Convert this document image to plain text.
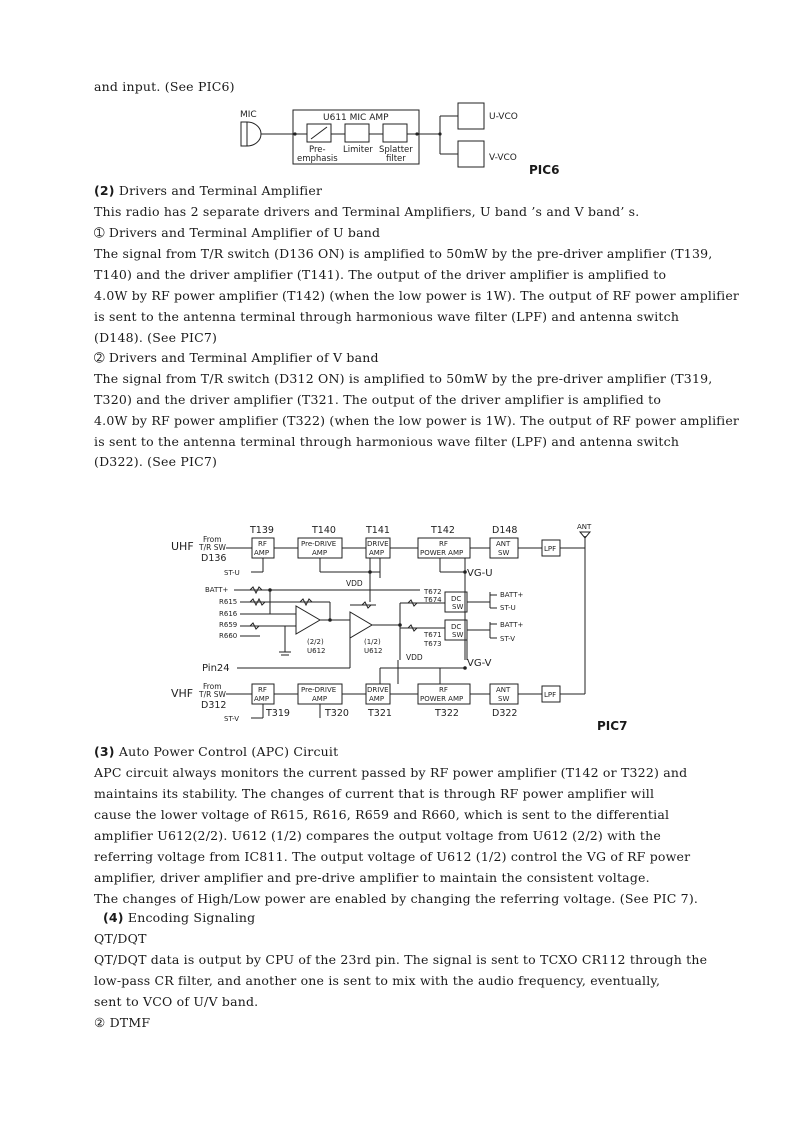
and input. (See PIC6)
MIC	U611 MIC AMP
Pre-
emphasis
Limiter Splatter
filter
U-VCO
V-VCO
PIC6
(2) Drivers and Terminal Amplifier
This radio has 2 separate drivers and Terminal Amplifiers, U band ’s and V band’ s.
➀ Drivers and Terminal Amplifier of U band
The signal from T/R switch (D136 ON) is amplified to 50mW by the pre-driver amplifier (T139,
T140) and the driver amplifier (T141). The output of the driver amplifier is amplified to
4.0W by RF power amplifier (T142) (when the low power is 1W). The output of RF power amplifier
is sent to the antenna terminal through harmonious wave filter (LPF) and antenna switch
(D148). (See PIC7)
➁ Drivers and Terminal Amplifier of V band
The signal from T/R switch (D312 ON) is amplified to 50mW by the pre-driver amplifier (T319,
T320) and the driver amplifier (T321. The output of the driver amplifier is amplified to
4.0W by RF power amplifier (T322) (when the low power is 1W). The output of RF power amplifier
is sent to the antenna terminal through harmonious wave filter (LPF) and antenna switch
(D322). (See PIC7)
UHF
VHF
From
T/R SW
D136
From
T/R SW
D312
T139	T140	T141	T142	D148
T319	T320 T321	T322	D322
RF
AMP
Pre-DRIVE
AMP
DRIVE
AMP
RF
POWER AMP
ANT
SW	LPF
RF
AMP
Pre-DRIVE
AMP
DRIVE
AMP
RF
POWER AMP
ANT
SW	LPF
ANT
ST-U
ST-V
VDD
VDD
VG-U
VG-V
BATT+
R615
R616
R659
R660
T672
T674
T671
T673
DC
SW
DC
SW
BATT+
ST-U
BATT+
ST-V
(2/2)
U612
(1/2)
U612
Pin24
PIC7
(3) Auto Power Control (APC) Circuit
APC circuit always monitors the current passed by RF power amplifier (T142 or T322) and
maintains its stability. The changes of current that is through RF power amplifier will
cause the lower voltage of R615, R616, R659 and R660, which is sent to the differential
amplifier U612(2/2). U612 (1/2) compares the output voltage from U612 (2/2) with the
referring voltage from IC811. The output voltage of U612 (1/2) control the VG of RF power
amplifier, driver amplifier and pre-drive amplifier to maintain the consistent voltage.
The changes of High/Low power are enabled by changing the referring voltage. (See PIC 7).
(4) Encoding Signaling
QT/DQT
QT/DQT data is output by CPU of the 23rd pin. The signal is sent to TCXO CR112 through the
low-pass CR filter, and another one is sent to mix with the audio frequency, eventually,
sent to VCO of U/V band.
② DTMF
